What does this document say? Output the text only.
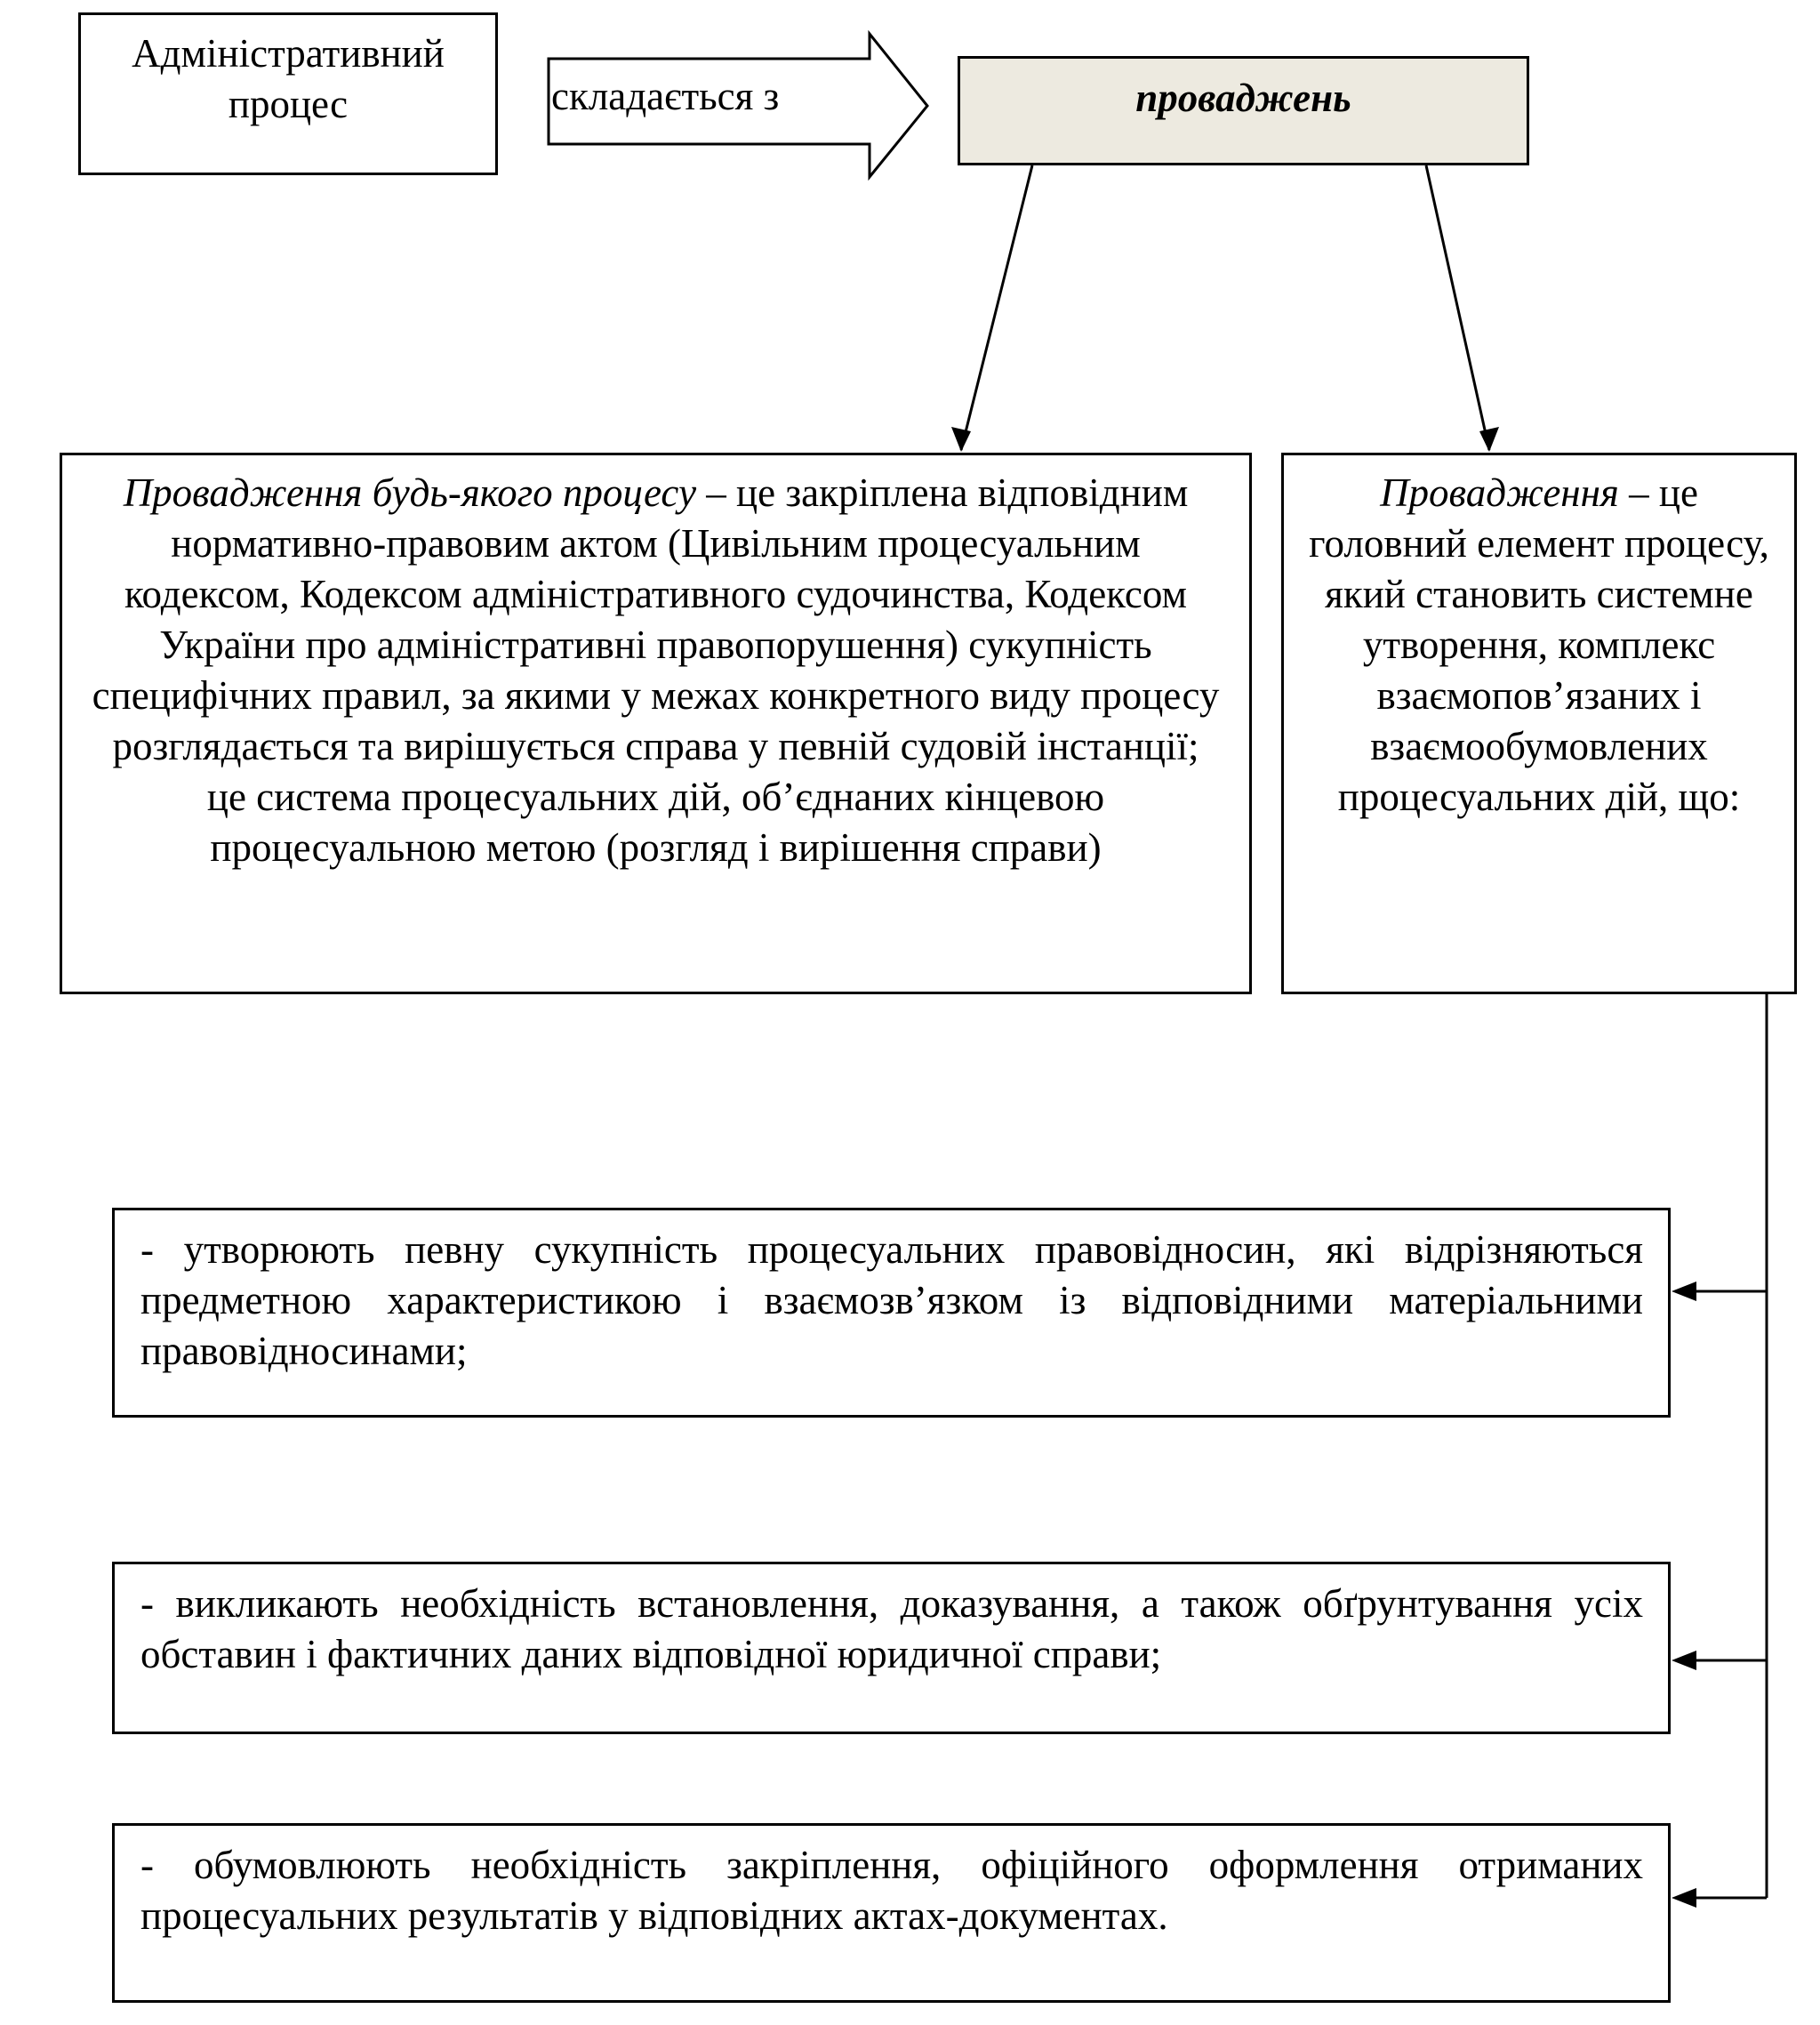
Адміністративний процес	складається з	проваджень
Провадження будь-якого процесу – це закріплена відповідним нормативно-правовим актом (Цивільним процесуальним кодексом, Кодексом адміністративного судочинства, Кодексом України про адміністративні правопорушення) сукупність специфічних правил, за якими у межах конкретного виду процесу розглядається та вирішується справа у певній судовій інстанції; це система процесуальних дій, об’єднаних кінцевою процесуальною метою (розгляд і вирішення справи)
Провадження – це головний елемент процесу, який становить системне утворення, комплекс взаємопов’язаних і взаємообумовлених процесуальних дій, що:
- утворюють певну сукупність процесуальних правовідносин, які відрізняються предметною характеристикою і взаємозв’язком із відповідними матеріальними правовідносинами;
- викликають необхідність встановлення, доказування, а також обґрунтування усіх обставин і фактичних даних відповідної юридичної справи;
- обумовлюють необхідність закріплення, офіційного оформлення отриманих процесуальних результатів у відповідних актах-документах.
